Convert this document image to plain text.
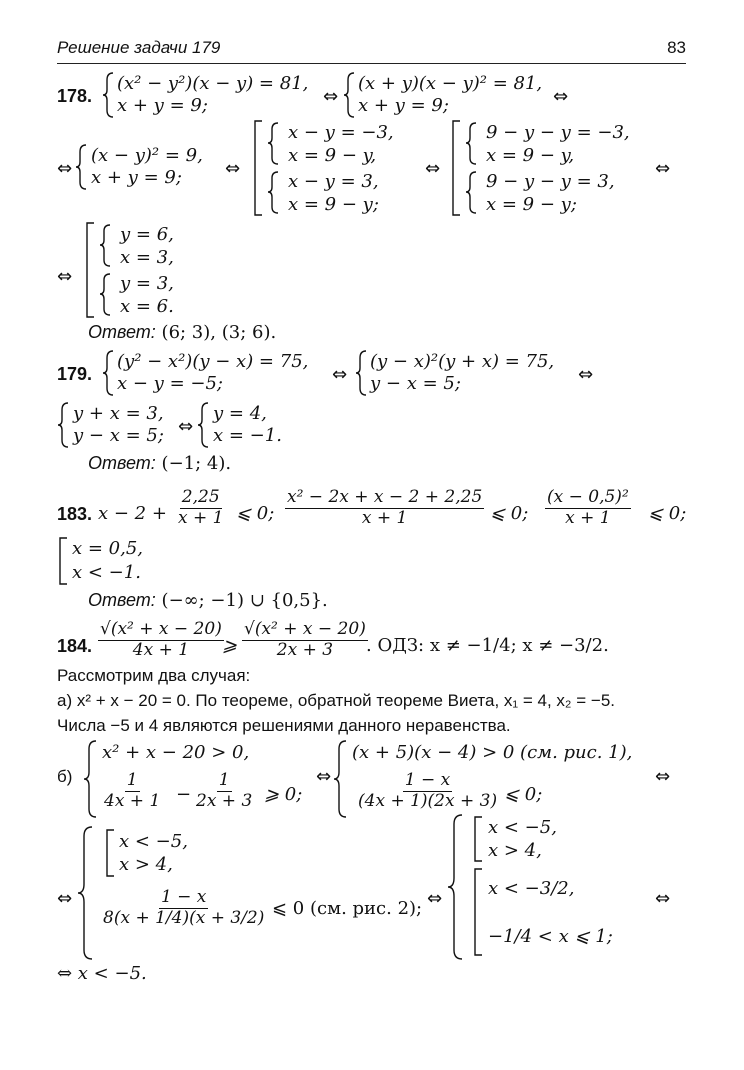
Решение задачи 179	83
178.
(x² − y²)(x − y) = 81,
x + y = 9;	⇔
(x + y)(x − y)² = 81,
x + y = 9;	⇔
⇔
(x − y)² = 9,
x + y = 9; ⇔
x − y = −3,
x = 9 − y,
x − y = 3,
x = 9 − y;
⇔
9 − y − y = −3,
x = 9 − y,
9 − y − y = 3,
x = 9 − y;
⇔
⇔
y = 6,
x = 3,
y = 3,
x = 6.
Ответ: (6; 3), (3; 6).
179.
(y² − x²)(y − x) = 75,
x − y = −5;	⇔
(y − x)²(y + x) = 75,
y − x = 5;	⇔
y + x = 3,
y − x = 5; ⇔
y = 4,
x = −1.
Ответ: (−1; 4).
183. $x - 2 + \frac{2,25}{x + 1}$ ⩽ 0; $\frac{\text{x² − 2x + x − 2 + 2,25}}{x + 1}$ ⩽ 0; $\frac{\text{(x − 0,5)²}}{x + 1}$ ⩽ 0;
x = 0,5,
x < −1.
Ответ: (−∞; −1) ∪ {0,5}.
184. $\frac{\text{√(x² + x − 20)}}{4x + 1}$
⩾ $\frac{\text{√(x² + x − 20)}}{2x + 3}$
. ОДЗ: x ≠ −1/4; x ≠ −3/2.
Рассмотрим два случая:
а) x² + x − 20 = 0. По теореме, обратной теореме Виета, x₁ = 4, x₂ = −5.
Числа −5 и 4 являются решениями данного неравенства.
б)
x² + x − 20 > 0,
$\frac{1}{4x + 1} - \frac{1}{2x + 3}$ ⩾ 0;
⇔
(x + 5)(x − 4) > 0 (см. рис. 1),
$\frac{1 - x}{(4x + 1)(2x + 3)}$ ⩽ 0;
⇔
⇔
x < −5,
x > 4,
$\frac{1 - x}{8(x + 1/4)(x + 3/2)}$ ⩽ 0 (см. рис. 2); ⇔
x < −5,
x > 4,
x < −3/2,
−1/4 < x ⩽ 1;
⇔
⇔ x < −5.
